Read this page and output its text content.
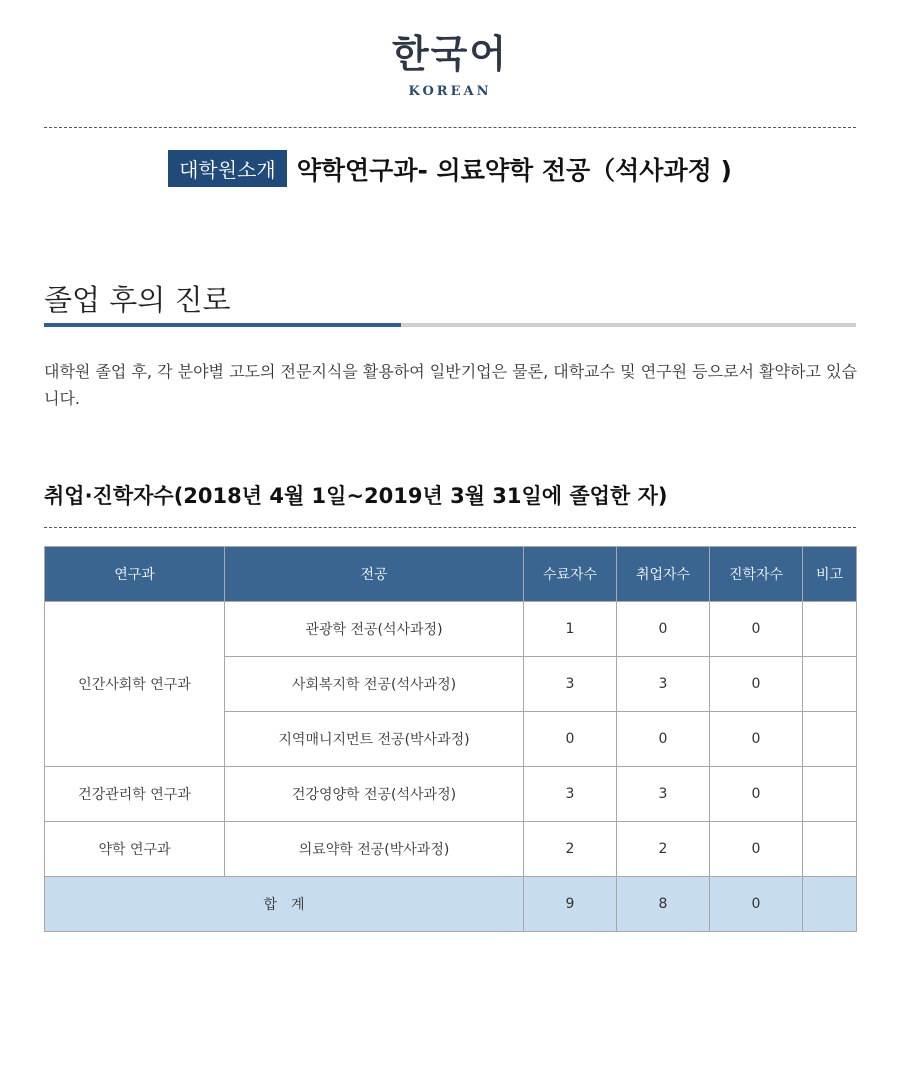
한국어
KOREAN
대학원소개 약학연구과- 의료약학 전공（석사과정 )
졸업 후의 진로
대학원 졸업 후, 각 분야별 고도의 전문지식을 활용하여 일반기업은 물론, 대학교수 및 연구원 등으로서 활약하고 있습니다.
취업·진학자수(2018년 4월 1일~2019년 3월 31일에 졸업한 자)
연구과	전공	수료자수	취업자수	진학자수	비고
인간사회학 연구과	관광학 전공(석사과정)	1	0	0	
	사회복지학 전공(석사과정)	3	3	0	
	지역매니지먼트 전공(박사과정)	0	0	0	
건강관리학 연구과	건강영양학 전공(석사과정)	3	3	0	
약학 연구과	의료약학 전공(박사과정)	2	2	0	
합　계		9	8	0	
